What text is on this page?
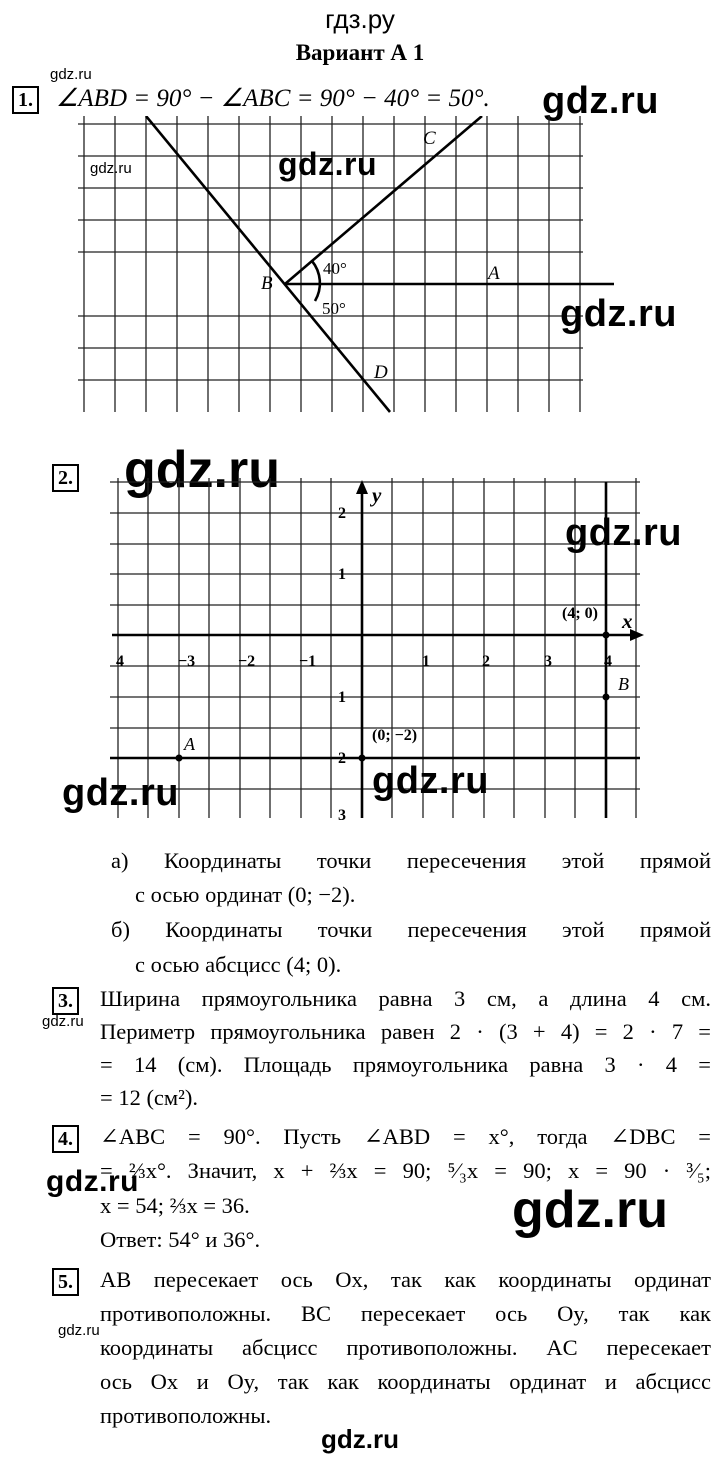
гдз.ру
Вариант А 1
1.
gdz.ru
∠ABD = 90° − ∠ABC = 90° − 40° = 50°. gdz.ru
C
B	A
D
40°
50°
gdz.ru	gdz.ru
gdz.ru
2. gdz.ru
4	−3	−2	−1	1	2	3	4
2
1
1
2
3
x
y
(4; 0)
(0; −2)
A
B
gdz.ru
gdz.ru	gdz.ru
а) Координаты точки пересечения этой прямой
с осью ординат (0; −2).
б) Координаты точки пересечения этой прямой
с осью абсцисс (4; 0).
3.
gdz.ru
Ширина прямоугольника равна 3 см, а длина 4 см.
Периметр прямоугольника равен 2 · (3 + 4) = 2 · 7 =
= 14 (см). Площадь прямоугольника равна 3 · 4 =
= 12 (см²).
4. ∠ABC = 90°. Пусть ∠ABD = x°, тогда ∠DBC =
= ⅔x°. Значит, x + ⅔x = 90; ⁵⁄₃x = 90; x = 90 · ³⁄₅;
x = 54; ⅔x = 36.
Ответ: 54° и 36°.
gdz.ru	gdz.ru
5. AB пересекает ось Ox, так как координаты ординат
противоположны. BC пересекает ось Oy, так как
координаты абсцисс противоположны. AC пересекает
ось Ox и Oy, так как координаты ординат и абсцисс
противоположны.
gdz.ru
gdz.ru
